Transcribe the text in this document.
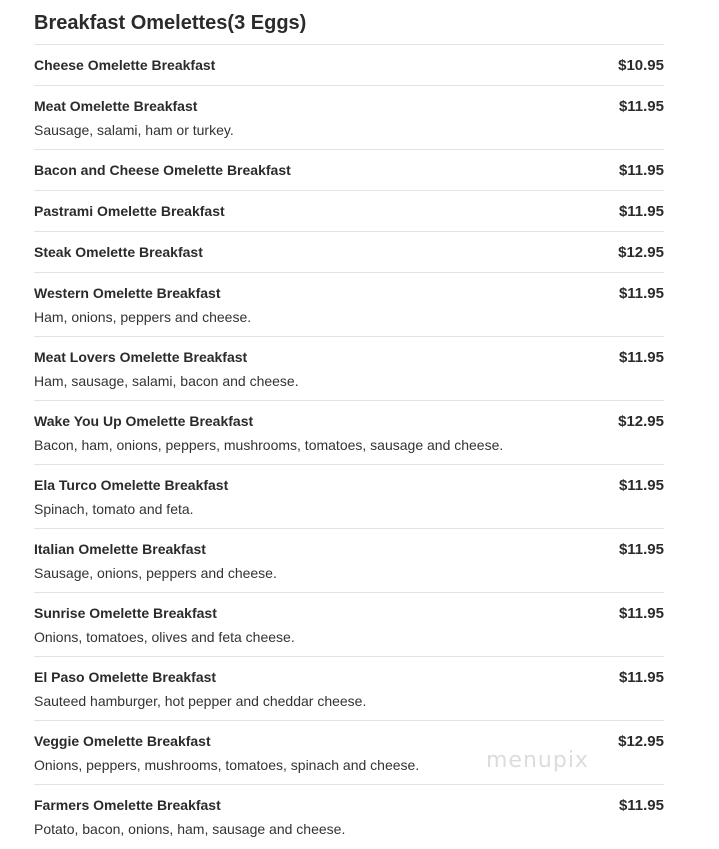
Breakfast Omelettes(3 Eggs)
Cheese Omelette Breakfast	$10.95
Meat Omelette Breakfast	$11.95
Sausage, salami, ham or turkey.
Bacon and Cheese Omelette Breakfast	$11.95
Pastrami Omelette Breakfast	$11.95
Steak Omelette Breakfast	$12.95
Western Omelette Breakfast	$11.95
Ham, onions, peppers and cheese.
Meat Lovers Omelette Breakfast	$11.95
Ham, sausage, salami, bacon and cheese.
Wake You Up Omelette Breakfast	$12.95
Bacon, ham, onions, peppers, mushrooms, tomatoes, sausage and cheese.
Ela Turco Omelette Breakfast	$11.95
Spinach, tomato and feta.
Italian Omelette Breakfast	$11.95
Sausage, onions, peppers and cheese.
Sunrise Omelette Breakfast	$11.95
Onions, tomatoes, olives and feta cheese.
El Paso Omelette Breakfast	$11.95
Sauteed hamburger, hot pepper and cheddar cheese.
Veggie Omelette Breakfast	$12.95
Onions, peppers, mushrooms, tomatoes, spinach and cheese.
Farmers Omelette Breakfast	$11.95
Potato, bacon, onions, ham, sausage and cheese.
menupix
